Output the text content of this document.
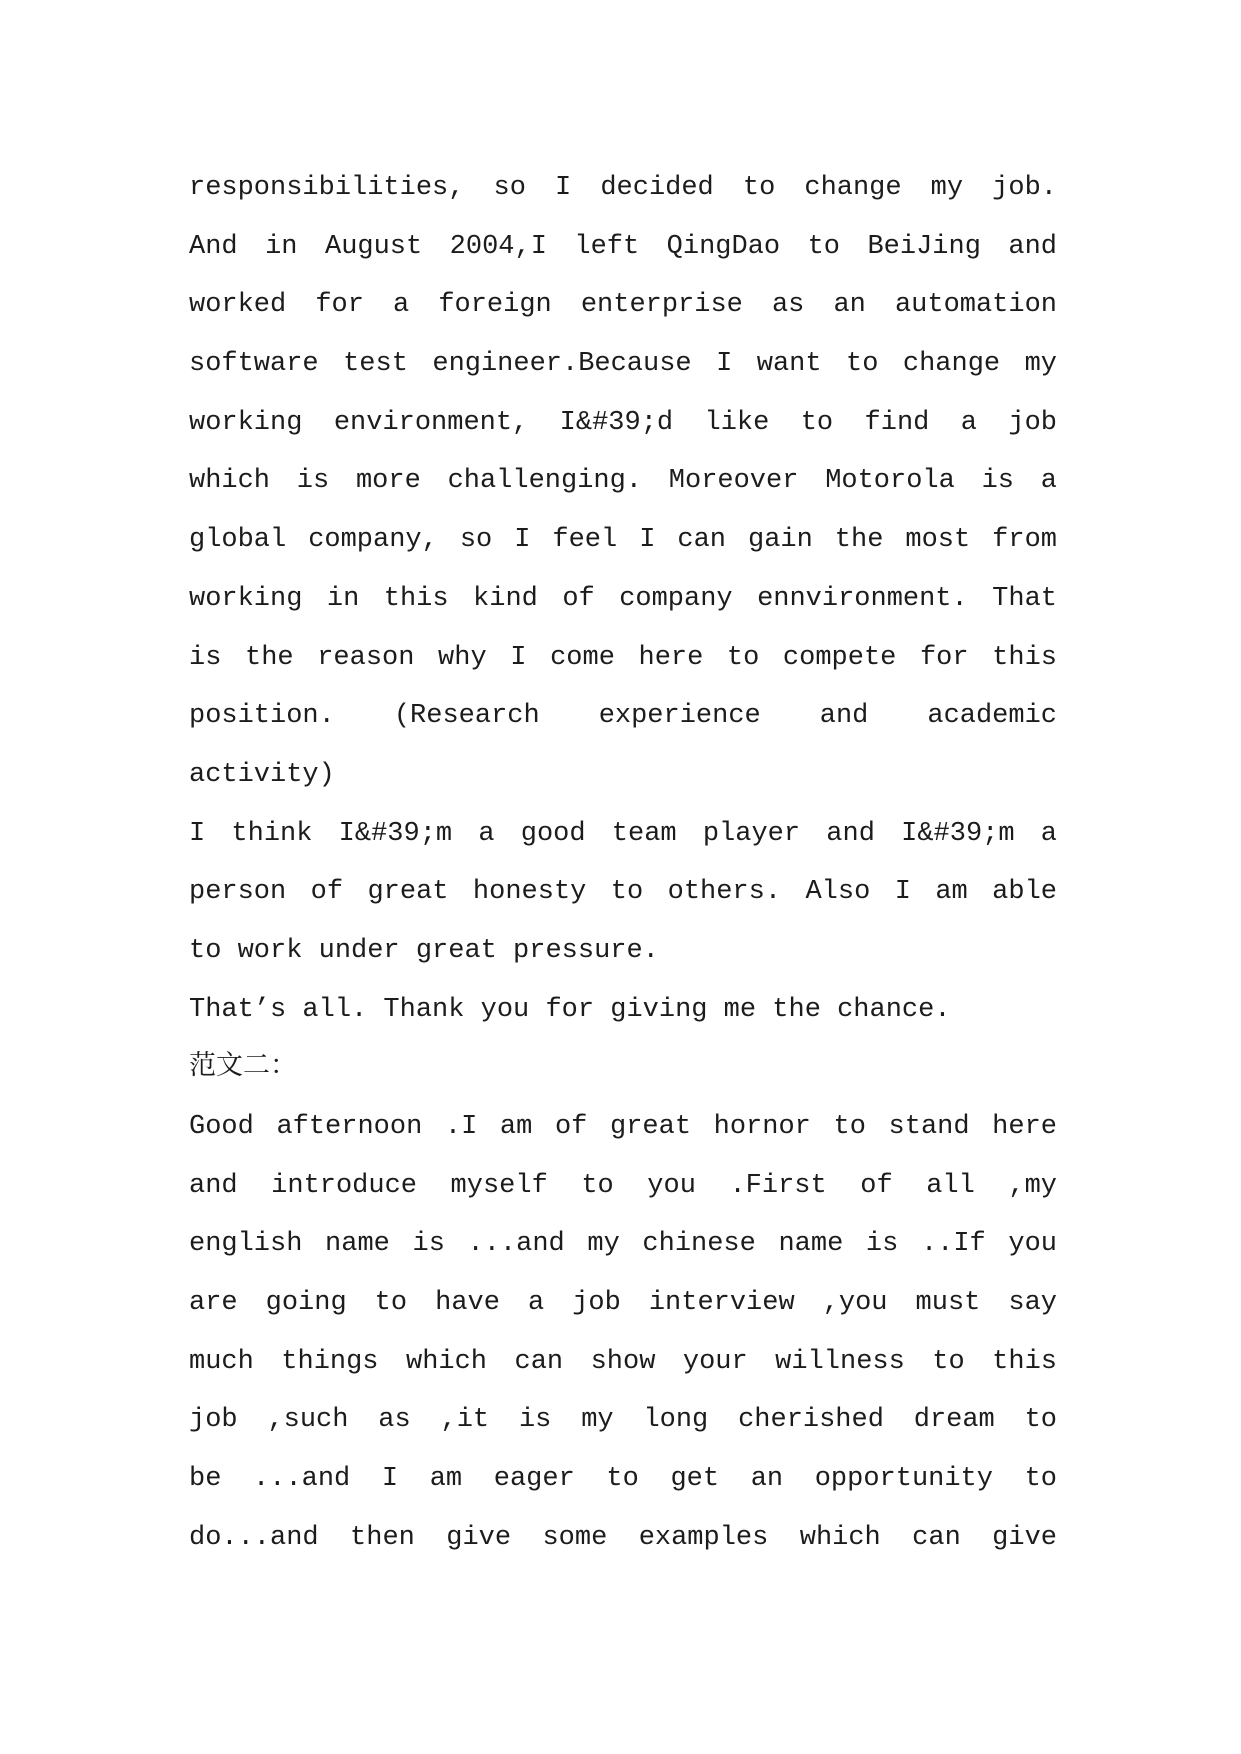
responsibilities, so I decided to change my job.
And in August 2004,I left QingDao to BeiJing and
worked for a foreign enterprise as an automation
software test engineer.Because I want to change my
working environment, I&#39;d like to find a job
which is more challenging. Moreover Motorola is a
global company, so I feel I can gain the most from
working in this kind of company ennvironment. That
is the reason why I come here to compete for this
position. (Research experience and academic
activity)
I think I&#39;m a good team player and I&#39;m a
person of great honesty to others. Also I am able
to work under great pressure.
That’s all. Thank you for giving me the chance.
范文二：
Good afternoon .I am of great hornor to stand here
and introduce myself to you .First of all ,my
english name is ...and my chinese name is ..If you
are going to have a job interview ,you must say
much things which can show your willness to this
job ,such as ,it is my long cherished dream to
be ...and I am eager to get an opportunity to
do...and then give some examples which can give
